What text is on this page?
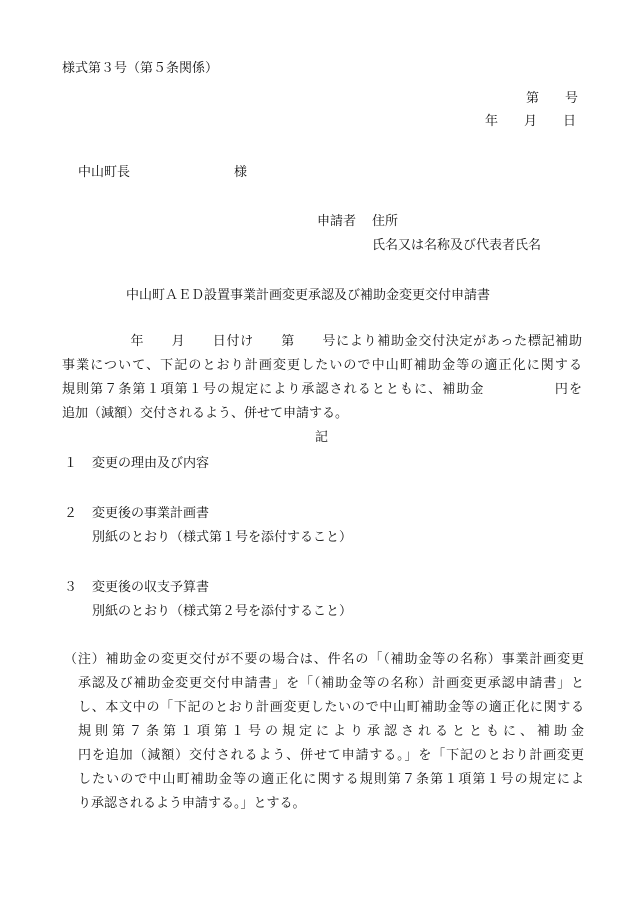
様式第３号（第５条関係）
第　　号
年　　月　　日
中山町長　　　　　　　　様
申請者 住所
氏名又は名称及び代表者氏名
中山町ＡＥＤ設置事業計画変更承認及び補助金変更交付申請書
　　　　　年　　月　　日付け　　第　　号により補助金交付決定があった標記補助
事業について、下記のとおり計画変更したいので中山町補助金等の適正化に関する
規則第７条第１項第１号の規定により承認されるとともに、補助金　　　　　円を
追加（減額）交付されるよう、併せて申請する。
記
１ 変更の理由及び内容
２ 変更後の事業計画書
別紙のとおり（様式第１号を添付すること）
３ 変更後の収支予算書
別紙のとおり（様式第２号を添付すること）
（注）補助金の変更交付が不要の場合は、件名の「（補助金等の名称）事業計画変更
承認及び補助金変更交付申請書」を「（補助金等の名称）計画変更承認申請書」と
し、本文中の「下記のとおり計画変更したいので中山町補助金等の適正化に関する
規則第７条第１項第１号の規定により承認されるとともに、補助金
円を追加（減額）交付されるよう、併せて申請する。」を「下記のとおり計画変更
したいので中山町補助金等の適正化に関する規則第７条第１項第１号の規定によ
り承認されるよう申請する。」とする。
